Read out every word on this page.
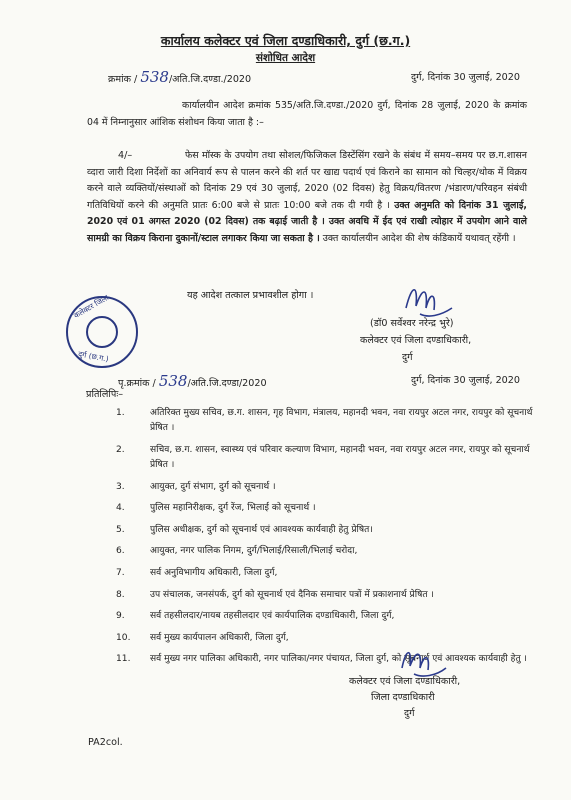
कार्यालय कलेक्टर एवं जिला दण्डाधिकारी, दुर्ग (छ.ग.)
संशोधित आदेश
क्रमांक / 538/अति.जि.दण्डा./2020	दुर्ग, दिनांक 30 जुलाई, 2020
कार्यालयीन आदेश क्रमांक 535/अति.जि.दण्डा./2020 दुर्ग, दिनांक 28 जुलाई, 2020 के क्रमांक 04 में निम्नानुसार आंशिक संशोधन किया जाता है :–
4/–	फेस मॉस्क के उपयोग तथा सोशल/फिजिकल डिस्टेंसिंग रखने के संबंध में समय–समय पर छ.ग.शासन व्दारा जारी दिशा निर्देशों का अनिवार्य रूप से पालन करने की शर्त पर खाद्य पदार्थ एवं किराने का सामान को चिल्हर/थोक में विक्रय करने वाले व्यक्तियों/संस्थाओं को दिनांक 29 एवं 30 जुलाई, 2020 (02 दिवस) हेतु विक्रय/वितरण /भंडारण/परिवहन संबंधी गतिविधियों करने की अनुमति प्रातः 6:00 बजे से प्रातः 10:00 बजे तक दी गयी है । उक्त अनुमति को दिनांक 31 जुलाई, 2020 एवं 01 अगस्त 2020 (02 दिवस) तक बढ़ाई जाती है । उक्त अवधि में ईद एवं राखी त्योहार में उपयोग आने वाले सामग्री का विक्रय किराना दुकानों/स्टाल लगाकर किया जा सकता है । उक्त कार्यालयीन आदेश की शेष कंडिकायें यथावत् रहेंगी ।
यह आदेश तत्काल प्रभावशील होगा ।
(डॉ0 सर्वेश्वर नरेन्द्र भुरे)
कलेक्टर एवं जिला दण्डाधिकारी,
दुर्ग
कलेक्टर जिला
दुर्ग (छ.ग.)
पृ.क्रमांक / 538/अति.जि.दण्डा/2020	दुर्ग, दिनांक 30 जुलाई, 2020
प्रतिलिपिः–
1.	अतिरिक्त मुख्य सचिव, छ.ग. शासन, गृह विभाग, मंत्रालय, महानदी भवन, नवा रायपुर अटल नगर, रायपुर को सूचनार्थ प्रेषित ।
2.	सचिव, छ.ग. शासन, स्वास्थ्य एवं परिवार कल्याण विभाग, महानदी भवन, नवा रायपुर अटल नगर, रायपुर को सूचनार्थ प्रेषित ।
3.	आयुक्त, दुर्ग संभाग, दुर्ग को सूचनार्थ ।
4.	पुलिस महानिरीक्षक, दुर्ग रेंज, भिलाई को सूचनार्थ ।
5.	पुलिस अधीक्षक, दुर्ग को सूचनार्थ एवं आवश्यक कार्यवाही हेतु प्रेषित।
6.	आयुक्त, नगर पालिक निगम, दुर्ग/भिलाई/रिसाली/भिलाई चरोदा,
7.	सर्व अनुविभागीय अधिकारी, जिला दुर्ग,
8.	उप संचालक, जनसंपर्क, दुर्ग को सूचनार्थ एवं दैनिक समाचार पत्रों में प्रकाशनार्थ प्रेषित ।
9.	सर्व तहसीलदार/नायब तहसीलदार एवं कार्यपालिक दण्डाधिकारी, जिला दुर्ग,
10. सर्व मुख्य कार्यपालन अधिकारी, जिला दुर्ग,
11. सर्व मुख्य नगर पालिका अधिकारी, नगर पालिका/नगर पंचायत, जिला दुर्ग, को सूचनार्थ एवं आवश्यक कार्यवाही हेतु ।
कलेक्टर एवं जिला दण्डाधिकारी,
जिला दण्डाधिकारी
दुर्ग
PA2col.
